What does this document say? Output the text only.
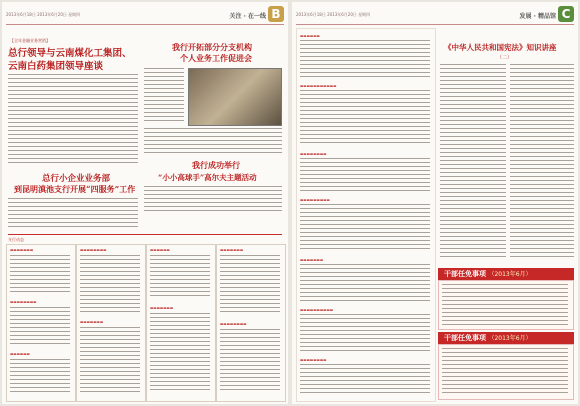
2013年6月18日 2013年6月20日 星期四	关注 · 在一线 B
【全年金融业务营销】
总行领导与云南煤化工集团、
云南白药集团领导座谈
我行开拓部分分支机构
个人业务工作促进会
我行成功举行
“小小高球手”高尔夫主题活动
总行小企业业务部
到昆明滇池支行开展“四服务”工作
支行动态
▬▬▬▬▬▬▬
▬▬▬▬▬▬▬▬
▬▬▬▬▬▬
▬▬▬▬▬▬▬▬
▬▬▬▬▬▬▬
▬▬▬▬▬▬
▬▬▬▬▬▬▬
▬▬▬▬▬▬▬
▬▬▬▬▬▬▬▬
2013年6月18日 2013年6月20日 星期四	发展 · 精品馆 C
▬▬▬▬▬▬
▬▬▬▬▬▬▬▬▬▬▬
▬▬▬▬▬▬▬▬
▬▬▬▬▬▬▬▬▬
▬▬▬▬▬▬▬
▬▬▬▬▬▬▬▬▬▬
▬▬▬▬▬▬▬▬
《中华人民共和国宪法》知识讲座
（二）
干部任免事项 （2013年6月）
干部任免事项 （2013年6月）
